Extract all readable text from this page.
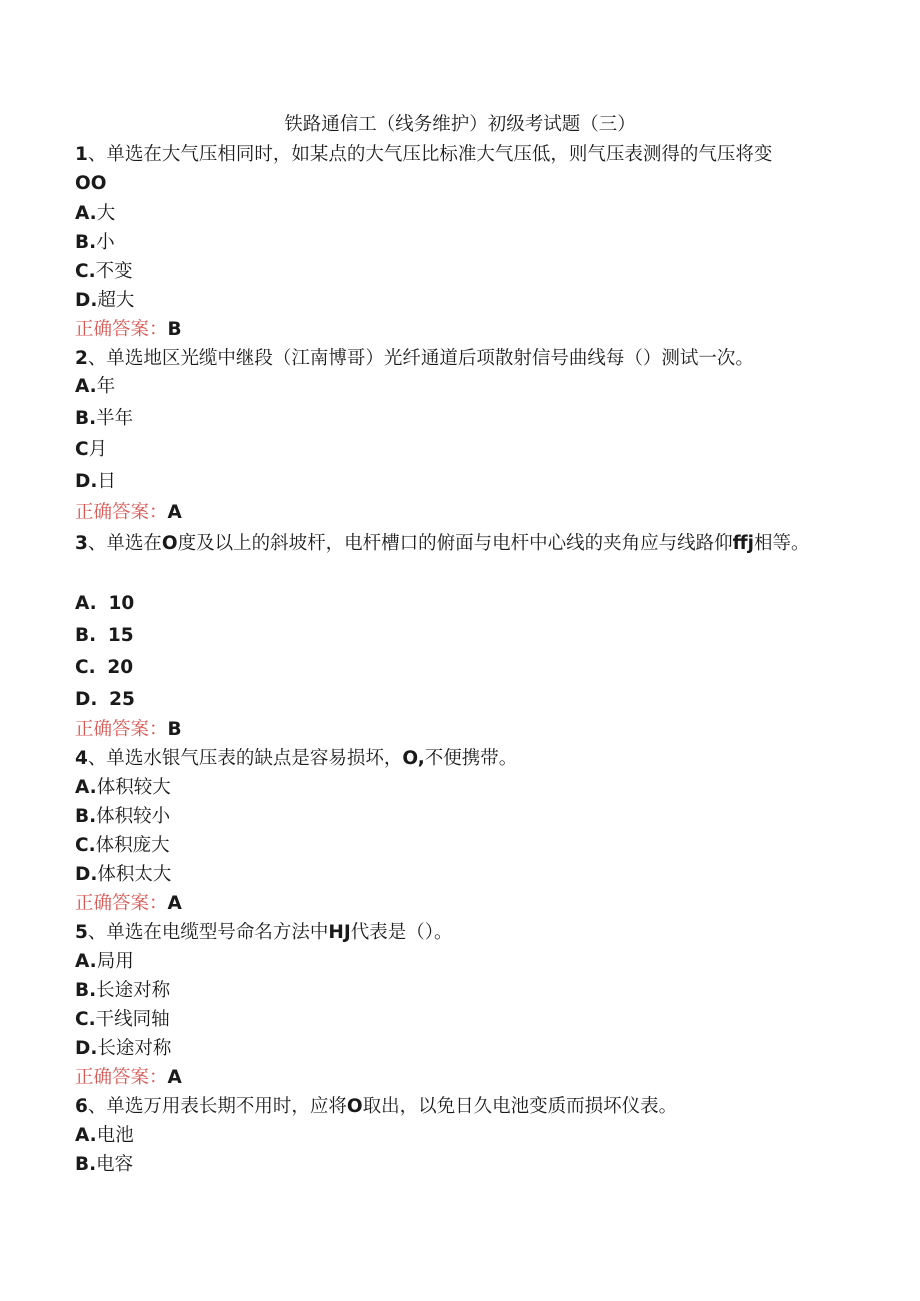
铁路通信工（线务维护）初级考试题（三）
1、单选在大气压相同时，如某点的大气压比标准大气压低，则气压表测得的气压将变
OO
A.大
B.小
C.不变
D.超大
正确答案：B
2、单选地区光缆中继段（江南博哥）光纤通道后项散射信号曲线每（）测试一次。
A.年
B.半年
C月
D.日
正确答案：A
3、单选在O度及以上的斜坡杆，电杆槽口的俯面与电杆中心线的夹角应与线路仰ffj相等。
A. 10
B. 15
C. 20
D. 25
正确答案：B
4、单选水银气压表的缺点是容易损坏，O,不便携带。
A.体积较大
B.体积较小
C.体积庞大
D.体积太大
正确答案：A
5、单选在电缆型号命名方法中HJ代表是（）。
A.局用
B.长途对称
C.干线同轴
D.长途对称
正确答案：A
6、单选万用表长期不用时，应将O取出，以免日久电池变质而损坏仪表。
A.电池
B.电容
